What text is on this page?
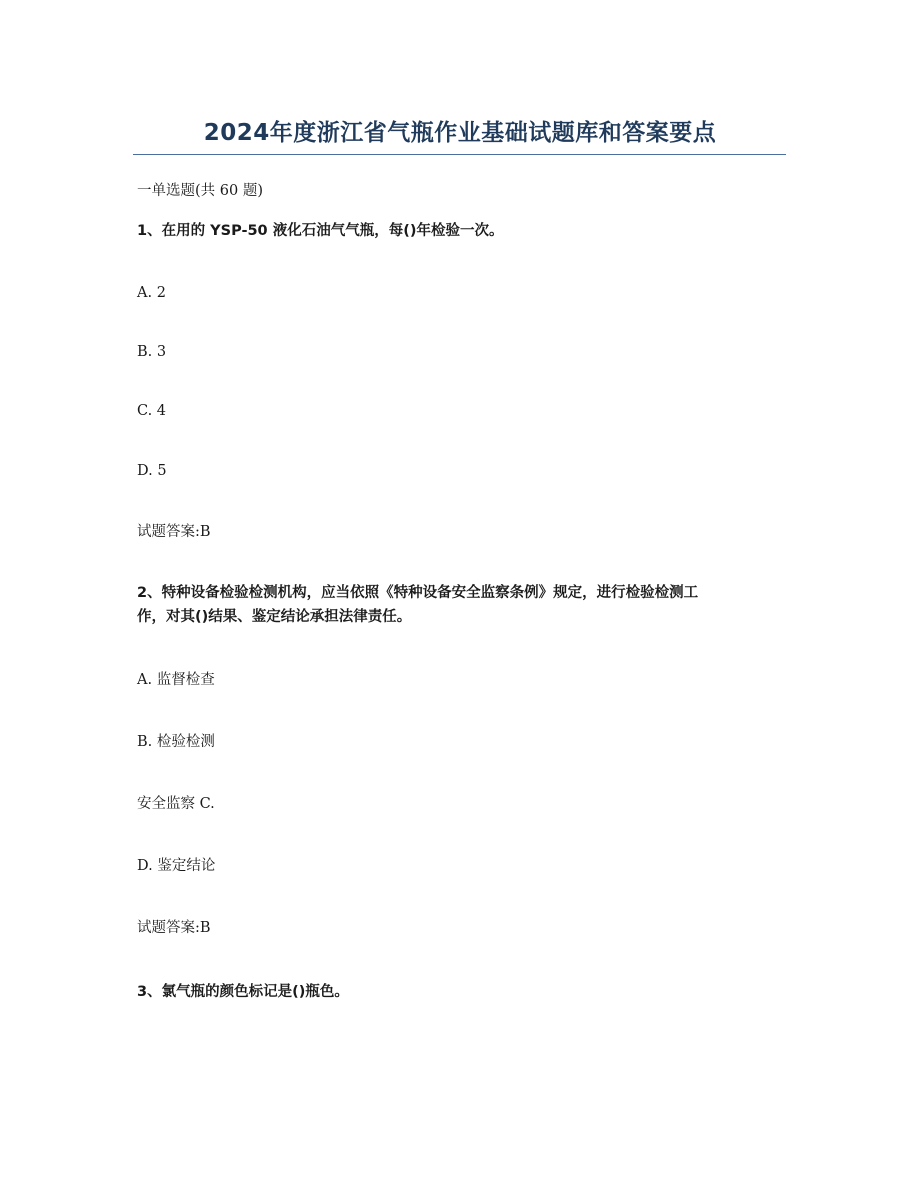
2024年度浙江省气瓶作业基础试题库和答案要点
一单选题(共 60 题)
1、在用的 YSP-50 液化石油气气瓶，每()年检验一次。
A. 2
B. 3
C. 4
D. 5
试题答案:B
2、特种设备检验检测机构，应当依照《特种设备安全监察条例》规定，进行检验检测工
作，对其()结果、鉴定结论承担法律责任。
A. 监督检查
B. 检验检测
安全监察 C.
D. 鉴定结论
试题答案:B
3、氯气瓶的颜色标记是()瓶色。
